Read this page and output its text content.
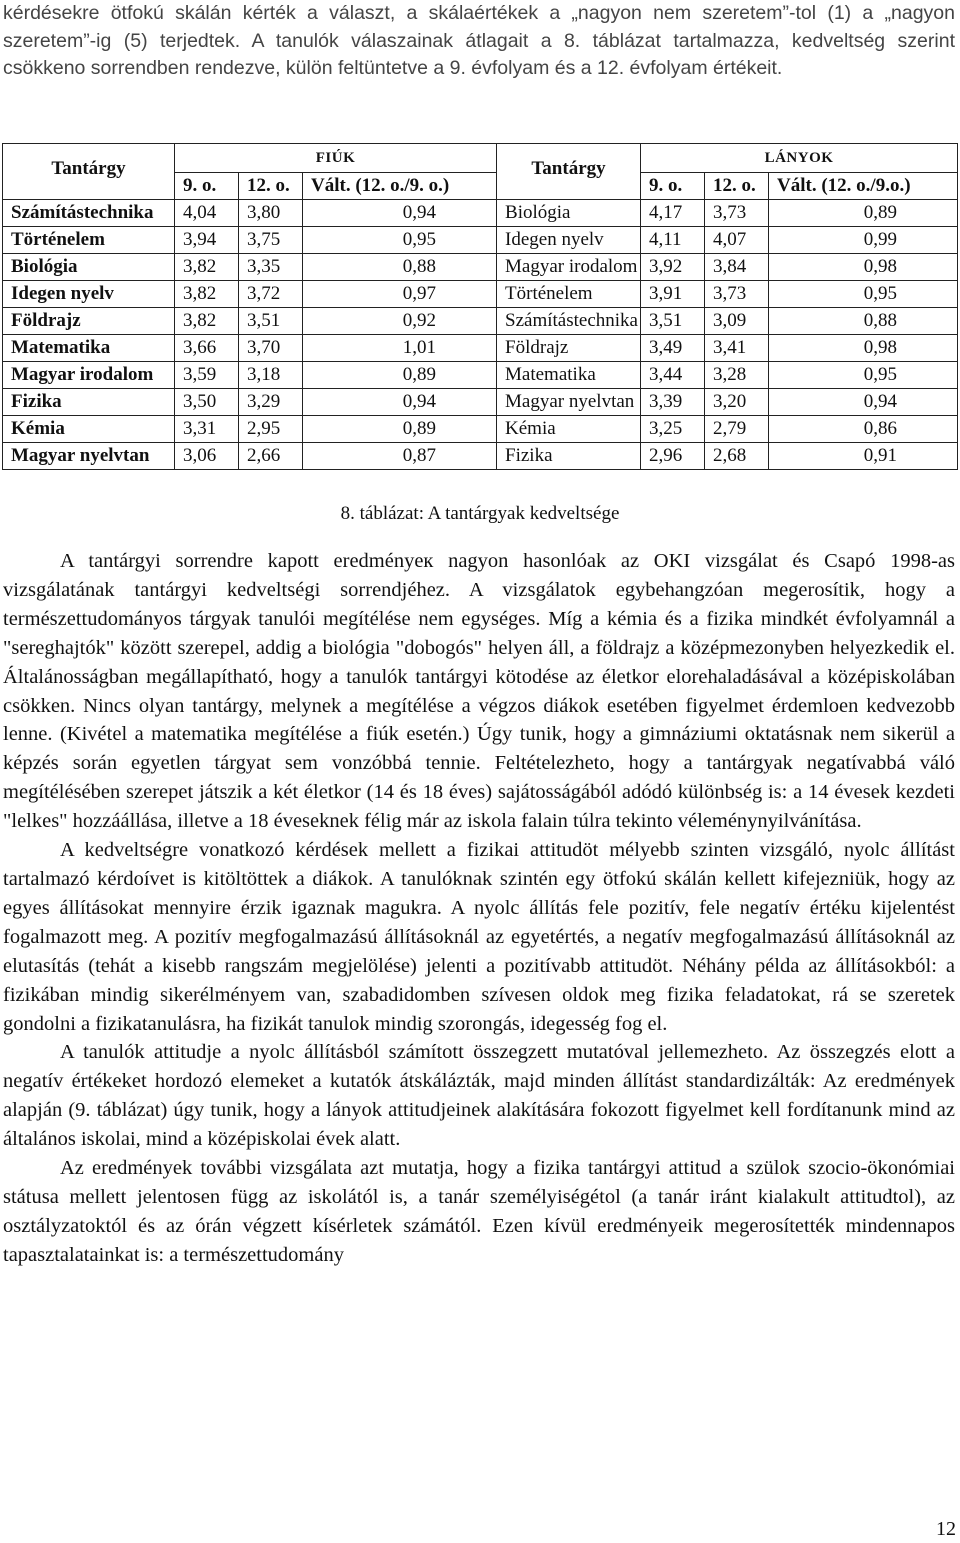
kérdésekre ötfokú skálán kérték a választ, a skálaértékek a „nagyon nem szeretem”-tol (1) a „nagyon szeretem”-ig (5) terjedtek. A tanulók válaszainak átlagait a 8. táblázat tartalmazza, kedveltség szerint csökkeno sorrendben rendezve, külön feltüntetve a 9. évfolyam és a 12. évfolyam értékeit.

Tantárgy	FIÚK			Tantárgy	LÁNYOK		
	9. o.	12. o.	Vált. (12. o./9. o.)		9. o.	12. o.	Vált. (12. o./9.o.)
Számítástechnika	4,04	3,80	0,94	Biológia	4,17	3,73	0,89
Történelem	3,94	3,75	0,95	Idegen nyelv	4,11	4,07	0,99
Biológia	3,82	3,35	0,88	Magyar irodalom	3,92	3,84	0,98
Idegen nyelv	3,82	3,72	0,97	Történelem	3,91	3,73	0,95
Földrajz	3,82	3,51	0,92	Számítástechnika	3,51	3,09	0,88
Matematika	3,66	3,70	1,01	Földrajz	3,49	3,41	0,98
Magyar irodalom	3,59	3,18	0,89	Matematika	3,44	3,28	0,95
Fizika	3,50	3,29	0,94	Magyar nyelvtan	3,39	3,20	0,94
Kémia	3,31	2,95	0,89	Kémia	3,25	2,79	0,86
Magyar nyelvtan	3,06	2,66	0,87	Fizika	2,96	2,68	0,91
8. táblázat: A tantárgyak kedveltsége

A tantárgyi sorrendre kapott eredményeк nagyon hasonlóak az OKI vizsgálat és Csapó 1998-as vizsgálatának tantárgyi kedveltségi sorrendjéhez. A vizsgálatok egybehangzóan megerosítik, hogy a természettudományos tárgyak tanulói megítélése nem egységes. Míg a kémia és a fizika mindkét évfolyamnál a "sereghajtók" között szerepel, addig a biológia "dobogós" helyen áll, a földrajz a középmezonyben helyezkedik el. Általánosságban megállapítható, hogy a tanulók tantárgyi kötodése az életkor elorehaladásával a középiskolában csökken. Nincs olyan tantárgy, melynek a megítélése a végzos diákok esetében figyelmet érdemloen kedvezobb lenne. (Kivétel a matematika megítélése a fiúk esetén.) Úgy tunik, hogy a gimnáziumi oktatásnak nem sikerül a képzés során egyetlen tárgyat sem vonzóbbá tennie. Feltételezheto, hogy a tantárgyak negatívabbá váló megítélésében szerepet játszik a két életkor (14 és 18 éves) sajátosságából adódó különbség is: a 14 évesek kezdeti "lelkes" hozzáállása, illetve a 18 éveseknek félig már az iskola falain túlra tekinto véleménynyilvánítása.

A kedveltségre vonatkozó kérdések mellett a fizikai attitudöt mélyebb szinten vizsgáló, nyolc állítást tartalmazó kérdoívet is kitöltöttek a diákok. A tanulóknak szintén egy ötfokú skálán kellett kifejezniük, hogy az egyes állításokat mennyire érzik igaznak magukra. A nyolc állítás fele pozitív, fele negatív értéku kijelentést fogalmazott meg. A pozitív megfogalmazású állításoknál az egyetértés, a negatív megfogalmazású állításoknál az elutasítás (tehát a kisebb rangszám megjelölése) jelenti a pozitívabb attitudöt. Néhány példa az állításokból: a fizikában mindig sikerélményem van, szabadidomben szívesen oldok meg fizika feladatokat, rá se szeretek gondolni a fizikatanulásra, ha fizikát tanulok mindig szorongás, idegesség fog el.

A tanulók attitudje a nyolc állításból számított összegzett mutatóval jellemezheto. Az összegzés elott a negatív értékeket hordozó elemeket a kutatók átskálázták, majd minden állítást standardizálták: Az eredmények alapján (9. táblázat) úgy tunik, hogy a lányok attitudjeinek alakítására fokozott figyelmet kell fordítanunk mind az általános iskolai, mind a középiskolai évek alatt.

Az eredmények további vizsgálata azt mutatja, hogy a fizika tantárgyi attitud a szülok szocio-ökonómiai státusa mellett jelentosen függ az iskolától is, a tanár személyiségétol (a tanár iránt kialakult attitudtol), az osztályzatoktól és az órán végzett kísérletek számától. Ezen kívül eredményeik megerosítették mindennapos tapasztalatainkat is: a természettudomány

12
